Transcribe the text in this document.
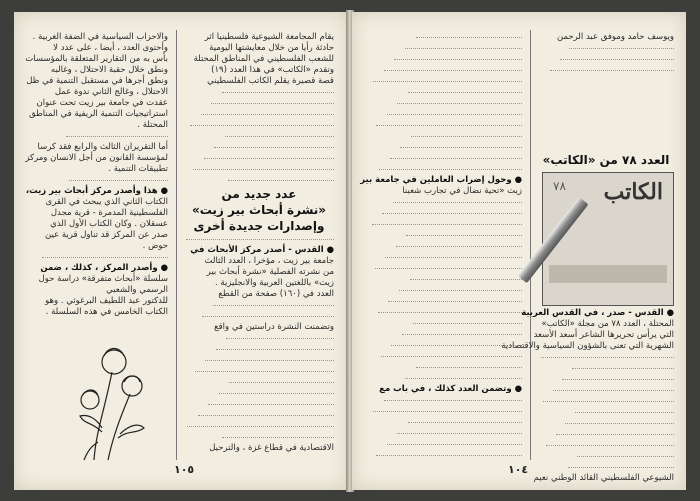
والاحزاب السياسية في الضفة الغربية .
وأحتوى العدد ، أيضا ، على عدد لا
بأس به من التقارير المتعلقة بالمؤسسات
ونطق خلال حقبة الاحتلال ، وغالبه
ونطق أجرها في مستقبل التنمية في ظل
الاحتلال ، وغالج الثاني ندوة عمل
عقدت في جامعة بير زيت تحت عنوان
استراتيجيات التنمية الريفية في المناطق
المحتلة .
أما التقريران الثالث والرابع فقد كرسا
لمؤسسة القانون من أجل الانسان ومركز
تطبيقات التنمية .
● هذا وأصدر مركز أبحاث بير زيت،
الكتاب الثاني الذي يبحث في القرى
الفلسطينية المدمرة - قرية مجدل
عسقلان . وكان الكتاب الأول الذي
صدر عن المركز قد تناول قرية عين
حوض .
● وأصدر المركز ، كذلك ، ضمن
سلسلة «أبحاث متفرقة» دراسة حول
الرسمي والشعبي
للدكتور عبد اللطيف البرغوثي . وهو
الكتاب الخامس في هذه السلسلة .
يقام المجامعة الشيوعية فلسطينيا اثر
حادثة رأيا من خلال معايشتها اليومية
للشعب الفلسطيني في المناطق المحتلة
وتقدم «الكاتب» في هذا العدد (١٩)
قصة قصيرة يقلم الكاتب الفلسطيني
عدد جديد من
«نشرة أبحاث بير زيت»
وإصدارات جديدة أخرى
● القدس - أصدر مركز الأبحاث في
جامعة بير زيت ، مؤخرا ، العدد الثالث
من نشرته الفصلية «نشرة أبحاث بير
زيت» باللغتين العربية والانجليزية .
العدد في (١٦٠) صفحة من القطع
وتضمنت النشرة دراستين في واقع
الاقتصادية في قطاع غزة ، والترحيل
١٠٥
● وحول إضراب العاملين في جامعة بير
زيت «تحية نضال في تجارب شعبنا
● وتضمن العدد كذلك ، في باب مع
ويوسف حامد وموفق عبد الرحمن
العدد ٧٨ من «الكاتب»
الكاتب
٧٨
● القدس - صدر ، في القدس العربية
المحتلة ، العدد ٧٨ من مجلة «الكاتب»
التي يرأس تحريرها الشاعر أسعد الأسعد
الشهرية التي تعنى بالشؤون السياسية والاقتصادية
الشيوعي الفلسطيني القائد الوطني نعيم
١٠٤
